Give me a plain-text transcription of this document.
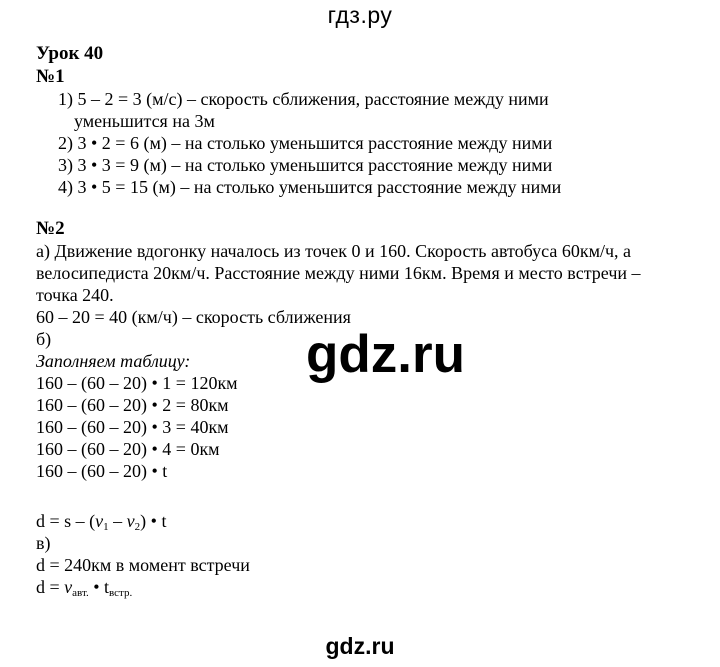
гдз.ру
gdz.ru
Урок 40
№1
1) 5 – 2 = 3 (м/с) – скорость сближения, расстояние между ними
уменьшится на 3м
2) 3 • 2 = 6 (м) – на столько уменьшится расстояние между ними
3) 3 • 3 = 9 (м) – на столько уменьшится расстояние между ними
4) 3 • 5 = 15 (м) – на столько уменьшится расстояние между ними
№2
а) Движение вдогонку началось из точек 0 и 160. Скорость автобуса 60км/ч, а
велосипедиста 20км/ч. Расстояние между ними 16км. Время и место встречи –
точка 240.
60 – 20 = 40 (км/ч) – скорость сближения
б)
Заполняем таблицу:
160 – (60 – 20) • 1 = 120км
160 – (60 – 20) • 2 = 80км
160 – (60 – 20) • 3 = 40км
160 – (60 – 20) • 4 = 0км
160 – (60 – 20) • t
$d = s - (v_1 - v_2)$ • t
в)
d = 240км в момент встречи
$d = v_{авт.}$ • $t_{встр.}$
gdz.ru
